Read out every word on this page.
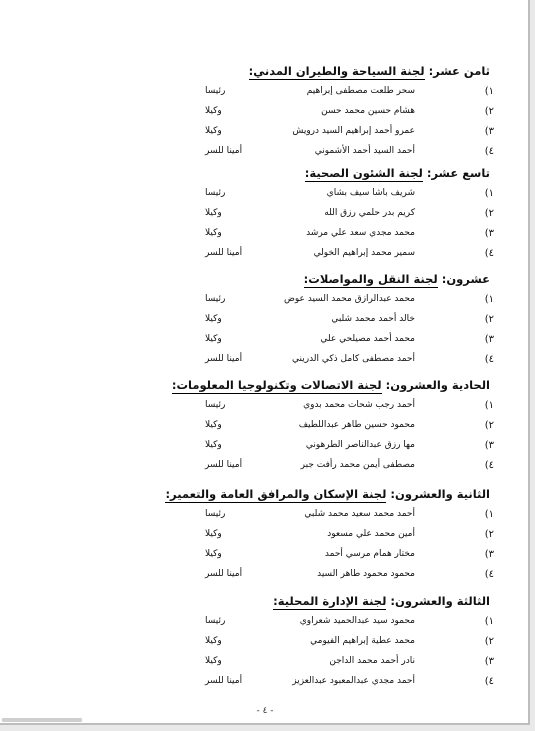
ثامن عشر: لجنة السياحة والطيران المدني:
١)
سحر طلعت مصطفى إبراهيم
رئيسا
٢)
هشام حسين محمد حسن
وكيلا
٣)
عمرو أحمد إبراهيم السيد درويش
وكيلا
٤)
أحمد السيد أحمد الأشموني
أمينا للسر
تاسع عشر: لجنة الشئون الصحية:
١)
شريف باشا سيف بشاي
رئيسا
٢)
كريم بدر حلمي رزق الله
وكيلا
٣)
محمد مجدي سعد علي مرشد
وكيلا
٤)
سمير محمد إبراهيم الخولي
أمينا للسر
عشرون: لجنة النقل والمواصلات:
١)
محمد عبدالرازق محمد السيد عوض
رئيسا
٢)
خالد أحمد محمد شلبي
وكيلا
٣)
محمد أحمد مصيلحي علي
وكيلا
٤)
أحمد مصطفى كامل ذكي الدريني
أمينا للسر
الحادية والعشرون: لجنة الاتصالات وتكنولوجيا المعلومات:
١)
أحمد رجب شحات محمد بدوي
رئيسا
٢)
محمود حسين طاهر عبداللطيف
وكيلا
٣)
مها رزق عبدالناصر الطرهوني
وكيلا
٤)
مصطفى أيمن محمد رأفت جبر
أمينا للسر
الثانية والعشرون: لجنة الإسكان والمرافق العامة والتعمير:
١)
أحمد محمد سعيد محمد شلبي
رئيسا
٢)
أمين محمد علي مسعود
وكيلا
٣)
مختار همام مرسي أحمد
وكيلا
٤)
محمود محمود طاهر السيد
أمينا للسر
الثالثة والعشرون: لجنة الإدارة المحلية:
١)
محمود سيد عبدالحميد شعراوي
رئيسا
٢)
محمد عطية إبراهيم الفيومي
وكيلا
٣)
نادر أحمد محمد الداجن
وكيلا
٤)
أحمد مجدي عبدالمعبود عبدالعزيز
أمينا للسر
- ٤ -
